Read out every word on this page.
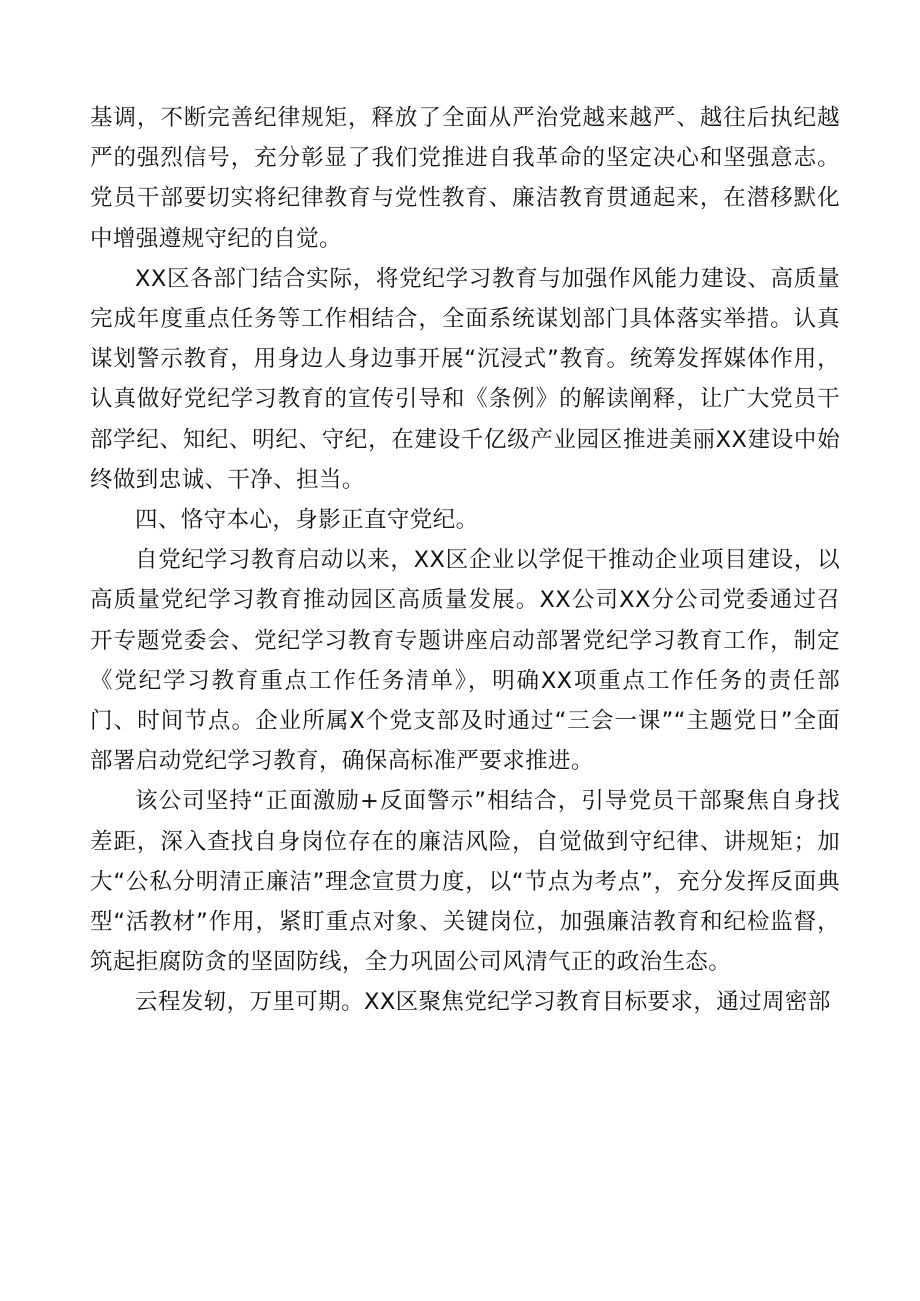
基调，不断完善纪律规矩，释放了全面从严治党越来越严、越往后执纪越严的强烈信号，充分彰显了我们党推进自我革命的坚定决心和坚强意志。党员干部要切实将纪律教育与党性教育、廉洁教育贯通起来，在潜移默化中增强遵规守纪的自觉。

XX区各部门结合实际，将党纪学习教育与加强作风能力建设、高质量完成年度重点任务等工作相结合，全面系统谋划部门具体落实举措。认真谋划警示教育，用身边人身边事开展“沉浸式”教育。统筹发挥媒体作用，认真做好党纪学习教育的宣传引导和《条例》的解读阐释，让广大党员干部学纪、知纪、明纪、守纪，在建设千亿级产业园区推进美丽XX建设中始终做到忠诚、干净、担当。

四、恪守本心，身影正直守党纪。

自党纪学习教育启动以来，XX区企业以学促干推动企业项目建设，以高质量党纪学习教育推动园区高质量发展。XX公司XX分公司党委通过召开专题党委会、党纪学习教育专题讲座启动部署党纪学习教育工作，制定《党纪学习教育重点工作任务清单》，明确XX项重点工作任务的责任部门、时间节点。企业所属X个党支部及时通过“三会一课”“主题党日”全面部署启动党纪学习教育，确保高标准严要求推进。

该公司坚持“正面激励+反面警示”相结合，引导党员干部聚焦自身找差距，深入查找自身岗位存在的廉洁风险，自觉做到守纪律、讲规矩；加大“公私分明清正廉洁”理念宣贯力度，以“节点为考点”，充分发挥反面典型“活教材”作用，紧盯重点对象、关键岗位，加强廉洁教育和纪检监督，筑起拒腐防贪的坚固防线，全力巩固公司风清气正的政治生态。

云程发轫，万里可期。XX区聚焦党纪学习教育目标要求，通过周密部
